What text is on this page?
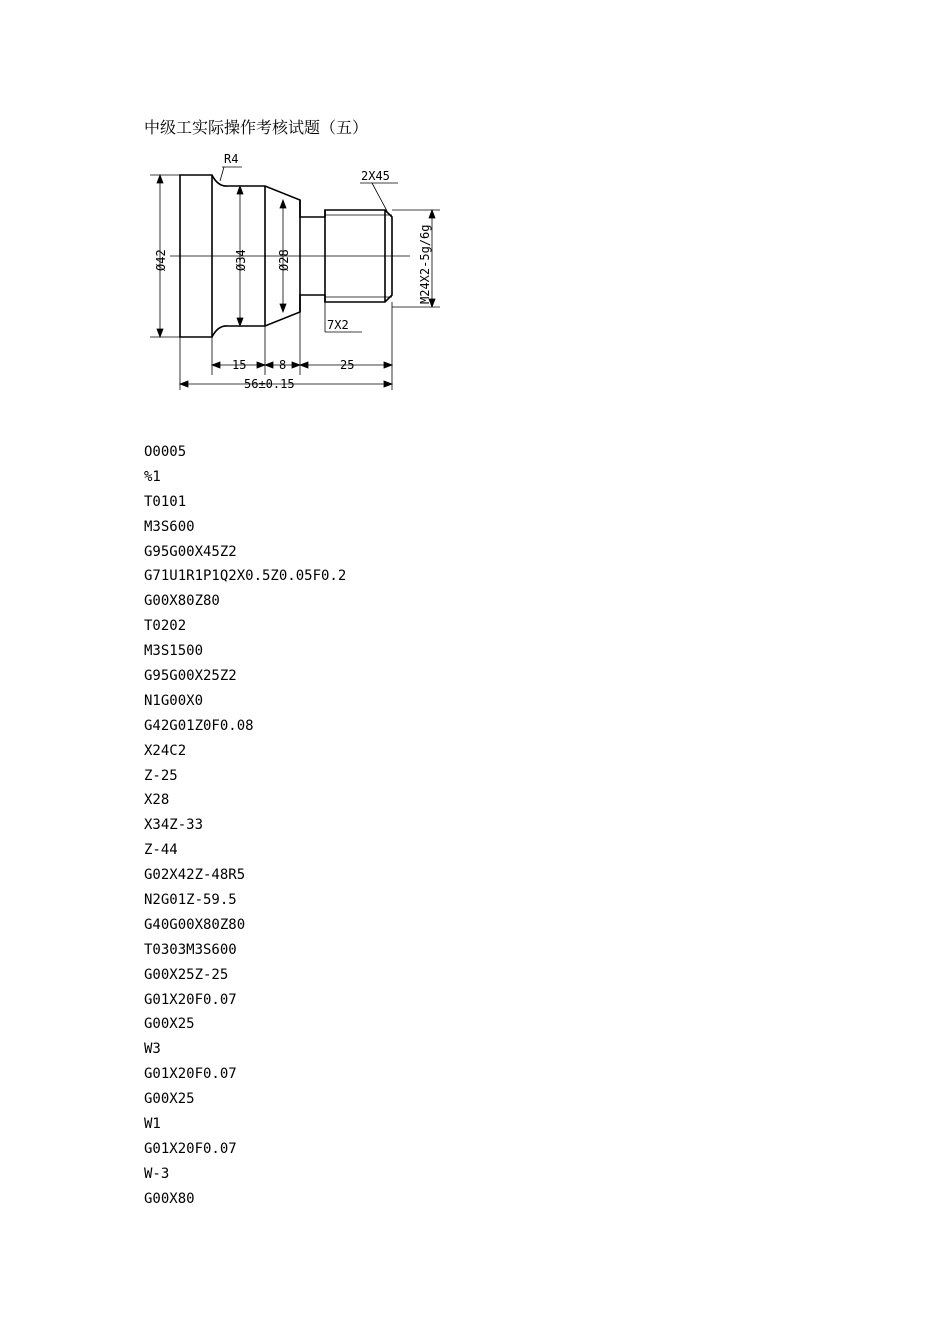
中级工实际操作考核试题（五）
R4
2X45
7X2
15	8	25
56±0.15
Ø42	Ø34 Ø28	M24X2-5g/6g
O0005
%1
T0101
M3S600
G95G00X45Z2
G71U1R1P1Q2X0.5Z0.05F0.2
G00X80Z80
T0202
M3S1500
G95G00X25Z2
N1G00X0
G42G01Z0F0.08
X24C2
Z-25
X28
X34Z-33
Z-44
G02X42Z-48R5
N2G01Z-59.5
G40G00X80Z80
T0303M3S600
G00X25Z-25
G01X20F0.07
G00X25
W3
G01X20F0.07
G00X25
W1
G01X20F0.07
W-3
G00X80
